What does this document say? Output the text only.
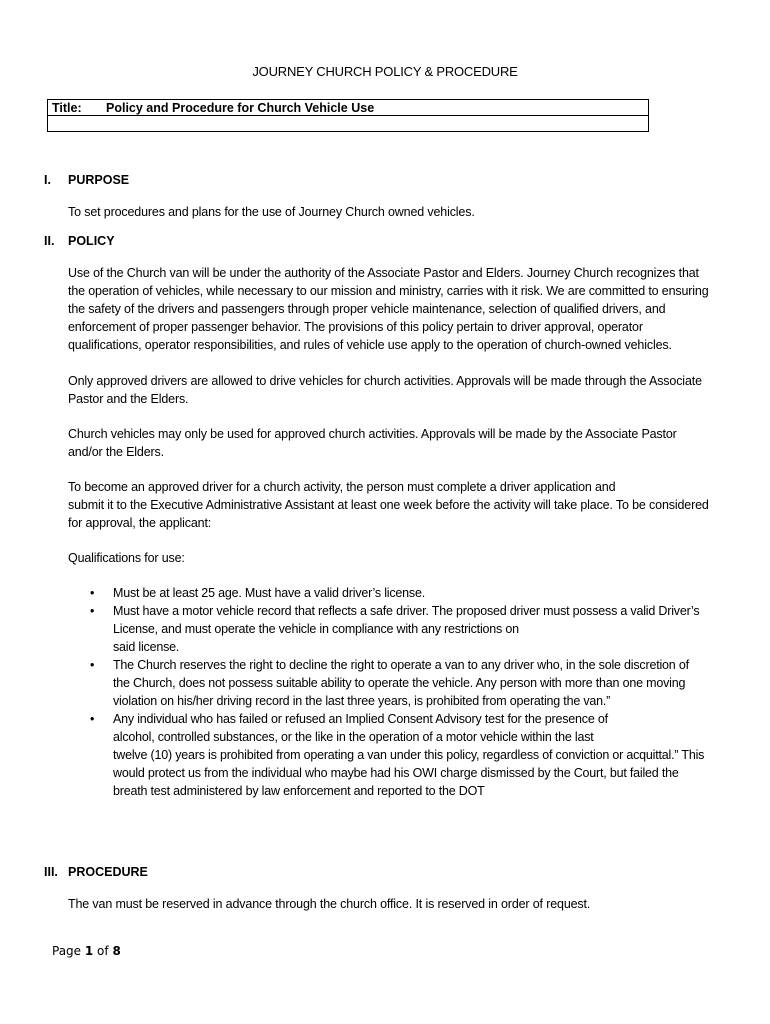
JOURNEY CHURCH POLICY & PROCEDURE
Title: Policy and Procedure for Church Vehicle Use

I. PURPOSE
To set procedures and plans for the use of Journey Church owned vehicles.
II. POLICY
Use of the Church van will be under the authority of the Associate Pastor and Elders. Journey Church recognizes that
the operation of vehicles, while necessary to our mission and ministry, carries with it risk. We are committed to ensuring
the safety of the drivers and passengers through proper vehicle maintenance, selection of qualified drivers, and
enforcement of proper passenger behavior. The provisions of this policy pertain to driver approval, operator
qualifications, operator responsibilities, and rules of vehicle use apply to the operation of church-owned vehicles.
Only approved drivers are allowed to drive vehicles for church activities. Approvals will be made through the Associate
Pastor and the Elders.
Church vehicles may only be used for approved church activities. Approvals will be made by the Associate Pastor
and/or the Elders.
To become an approved driver for a church activity, the person must complete a driver application and
submit it to the Executive Administrative Assistant at least one week before the activity will take place. To be considered
for approval, the applicant:
Qualifications for use:
• Must be at least 25 age. Must have a valid driver’s license.
• Must have a motor vehicle record that reflects a safe driver. The proposed driver must possess a valid Driver’s
License, and must operate the vehicle in compliance with any restrictions on
said license.
• The Church reserves the right to decline the right to operate a van to any driver who, in the sole discretion of
the Church, does not possess suitable ability to operate the vehicle. Any person with more than one moving
violation on his/her driving record in the last three years, is prohibited from operating the van.”
• Any individual who has failed or refused an Implied Consent Advisory test for the presence of
alcohol, controlled substances, or the like in the operation of a motor vehicle within the last
twelve (10) years is prohibited from operating a van under this policy, regardless of conviction or acquittal.” This
would protect us from the individual who maybe had his OWI charge dismissed by the Court, but failed the
breath test administered by law enforcement and reported to the DOT
III. PROCEDURE
The van must be reserved in advance through the church office. It is reserved in order of request.
Page 1 of 8
